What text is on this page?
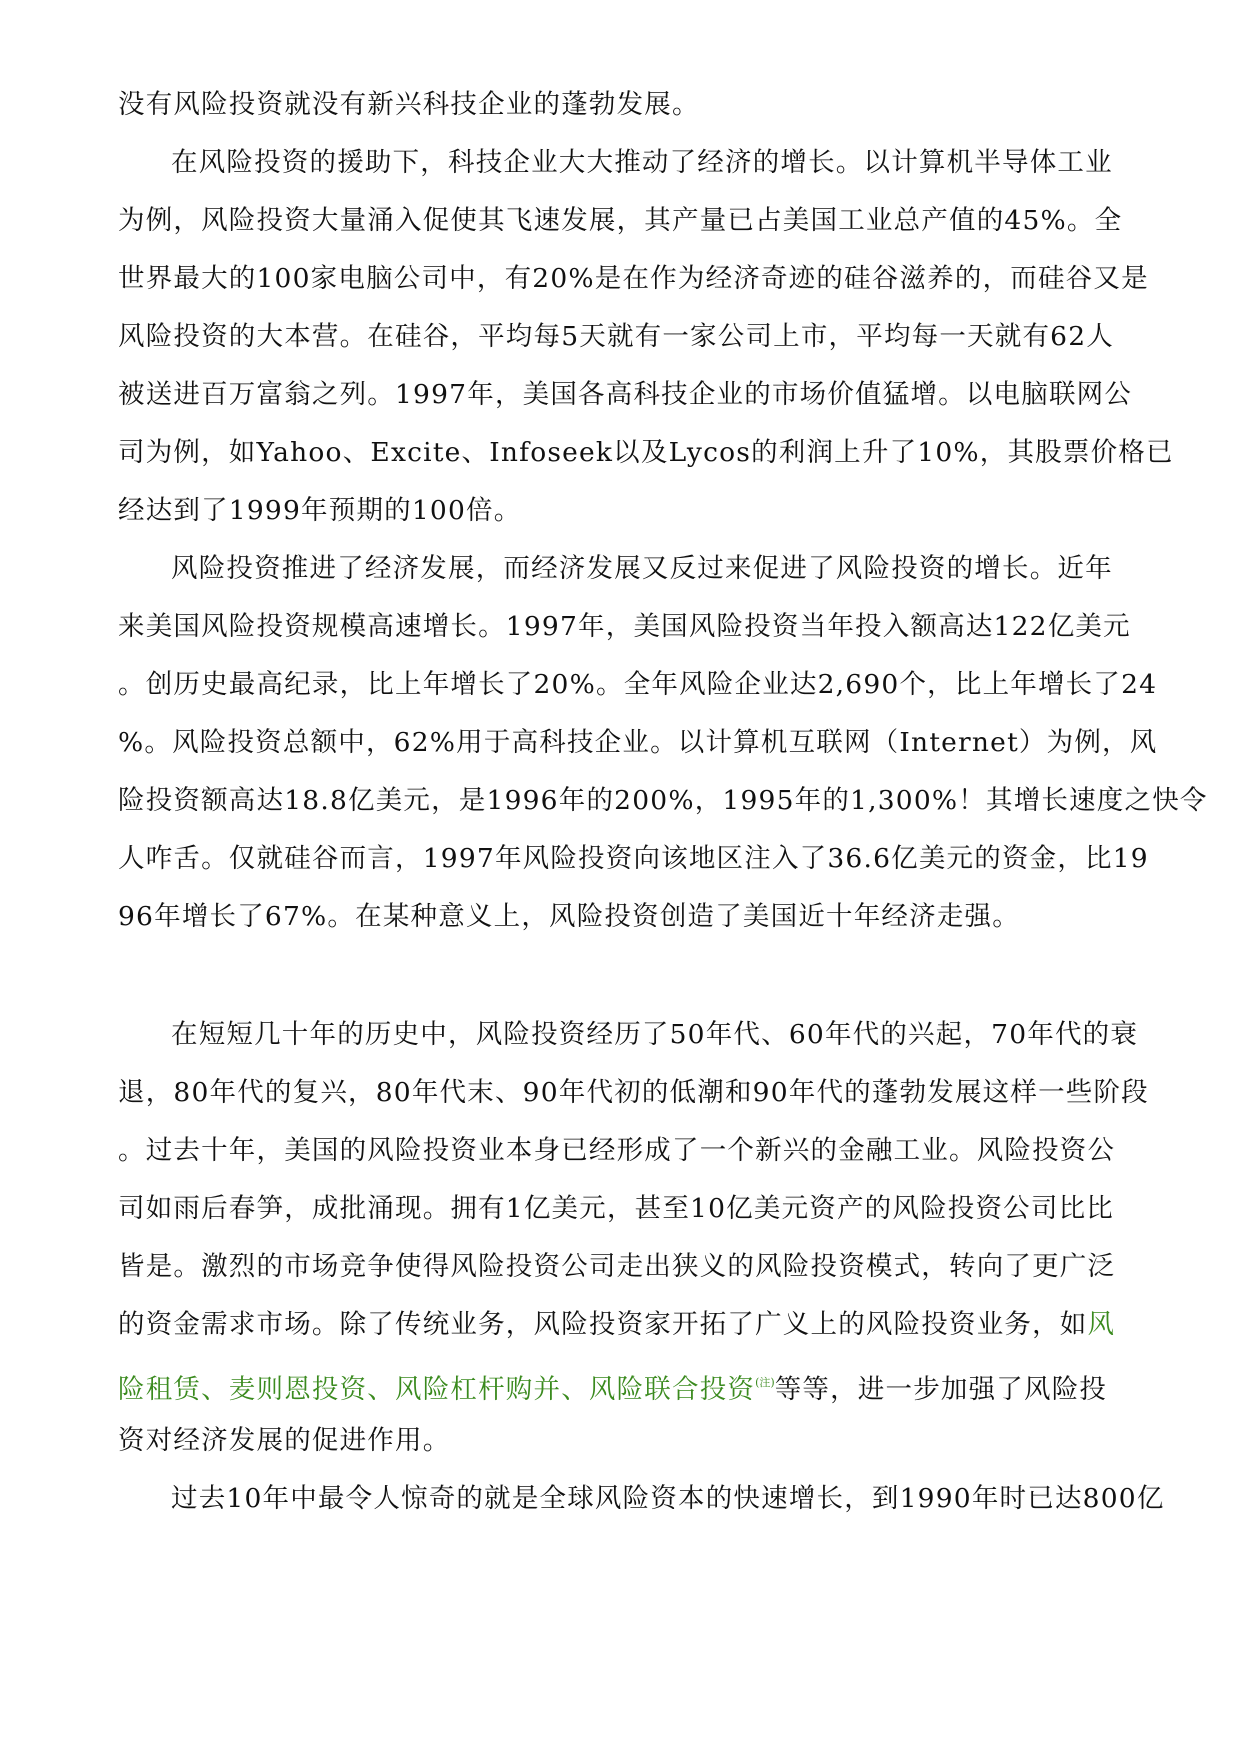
没有风险投资就没有新兴科技企业的蓬勃发展。
在风险投资的援助下，科技企业大大推动了经济的增长。以计算机半导体工业
为例，风险投资大量涌入促使其飞速发展，其产量已占美国工业总产值的45%。全
世界最大的100家电脑公司中，有20%是在作为经济奇迹的硅谷滋养的，而硅谷又是
风险投资的大本营。在硅谷，平均每5天就有一家公司上市，平均每一天就有62人
被送进百万富翁之列。1997年，美国各高科技企业的市场价值猛增。以电脑联网公
司为例，如Yahoo、Excite、Infoseek以及Lycos的利润上升了10%，其股票价格已
经达到了1999年预期的100倍。
风险投资推进了经济发展，而经济发展又反过来促进了风险投资的增长。近年
来美国风险投资规模高速增长。1997年，美国风险投资当年投入额高达122亿美元
。创历史最高纪录，比上年增长了20%。全年风险企业达2,690个，比上年增长了24
%。风险投资总额中，62%用于高科技企业。以计算机互联网（Internet）为例，风
险投资额高达18.8亿美元，是1996年的200%，1995年的1,300%！其增长速度之快令
人咋舌。仅就硅谷而言，1997年风险投资向该地区注入了36.6亿美元的资金，比19
96年增长了67%。在某种意义上，风险投资创造了美国近十年经济走强。
在短短几十年的历史中，风险投资经历了50年代、60年代的兴起，70年代的衰
退，80年代的复兴，80年代末、90年代初的低潮和90年代的蓬勃发展这样一些阶段
。过去十年，美国的风险投资业本身已经形成了一个新兴的金融工业。风险投资公
司如雨后春笋，成批涌现。拥有1亿美元，甚至10亿美元资产的风险投资公司比比
皆是。激烈的市场竞争使得风险投资公司走出狭义的风险投资模式，转向了更广泛
的资金需求市场。除了传统业务，风险投资家开拓了广义上的风险投资业务，如风
险租赁、麦则恩投资、风险杠杆购并、风险联合投资$^{(注)}$等等，进一步加强了风险投
资对经济发展的促进作用。
过去10年中最令人惊奇的就是全球风险资本的快速增长，到1990年时已达800亿
